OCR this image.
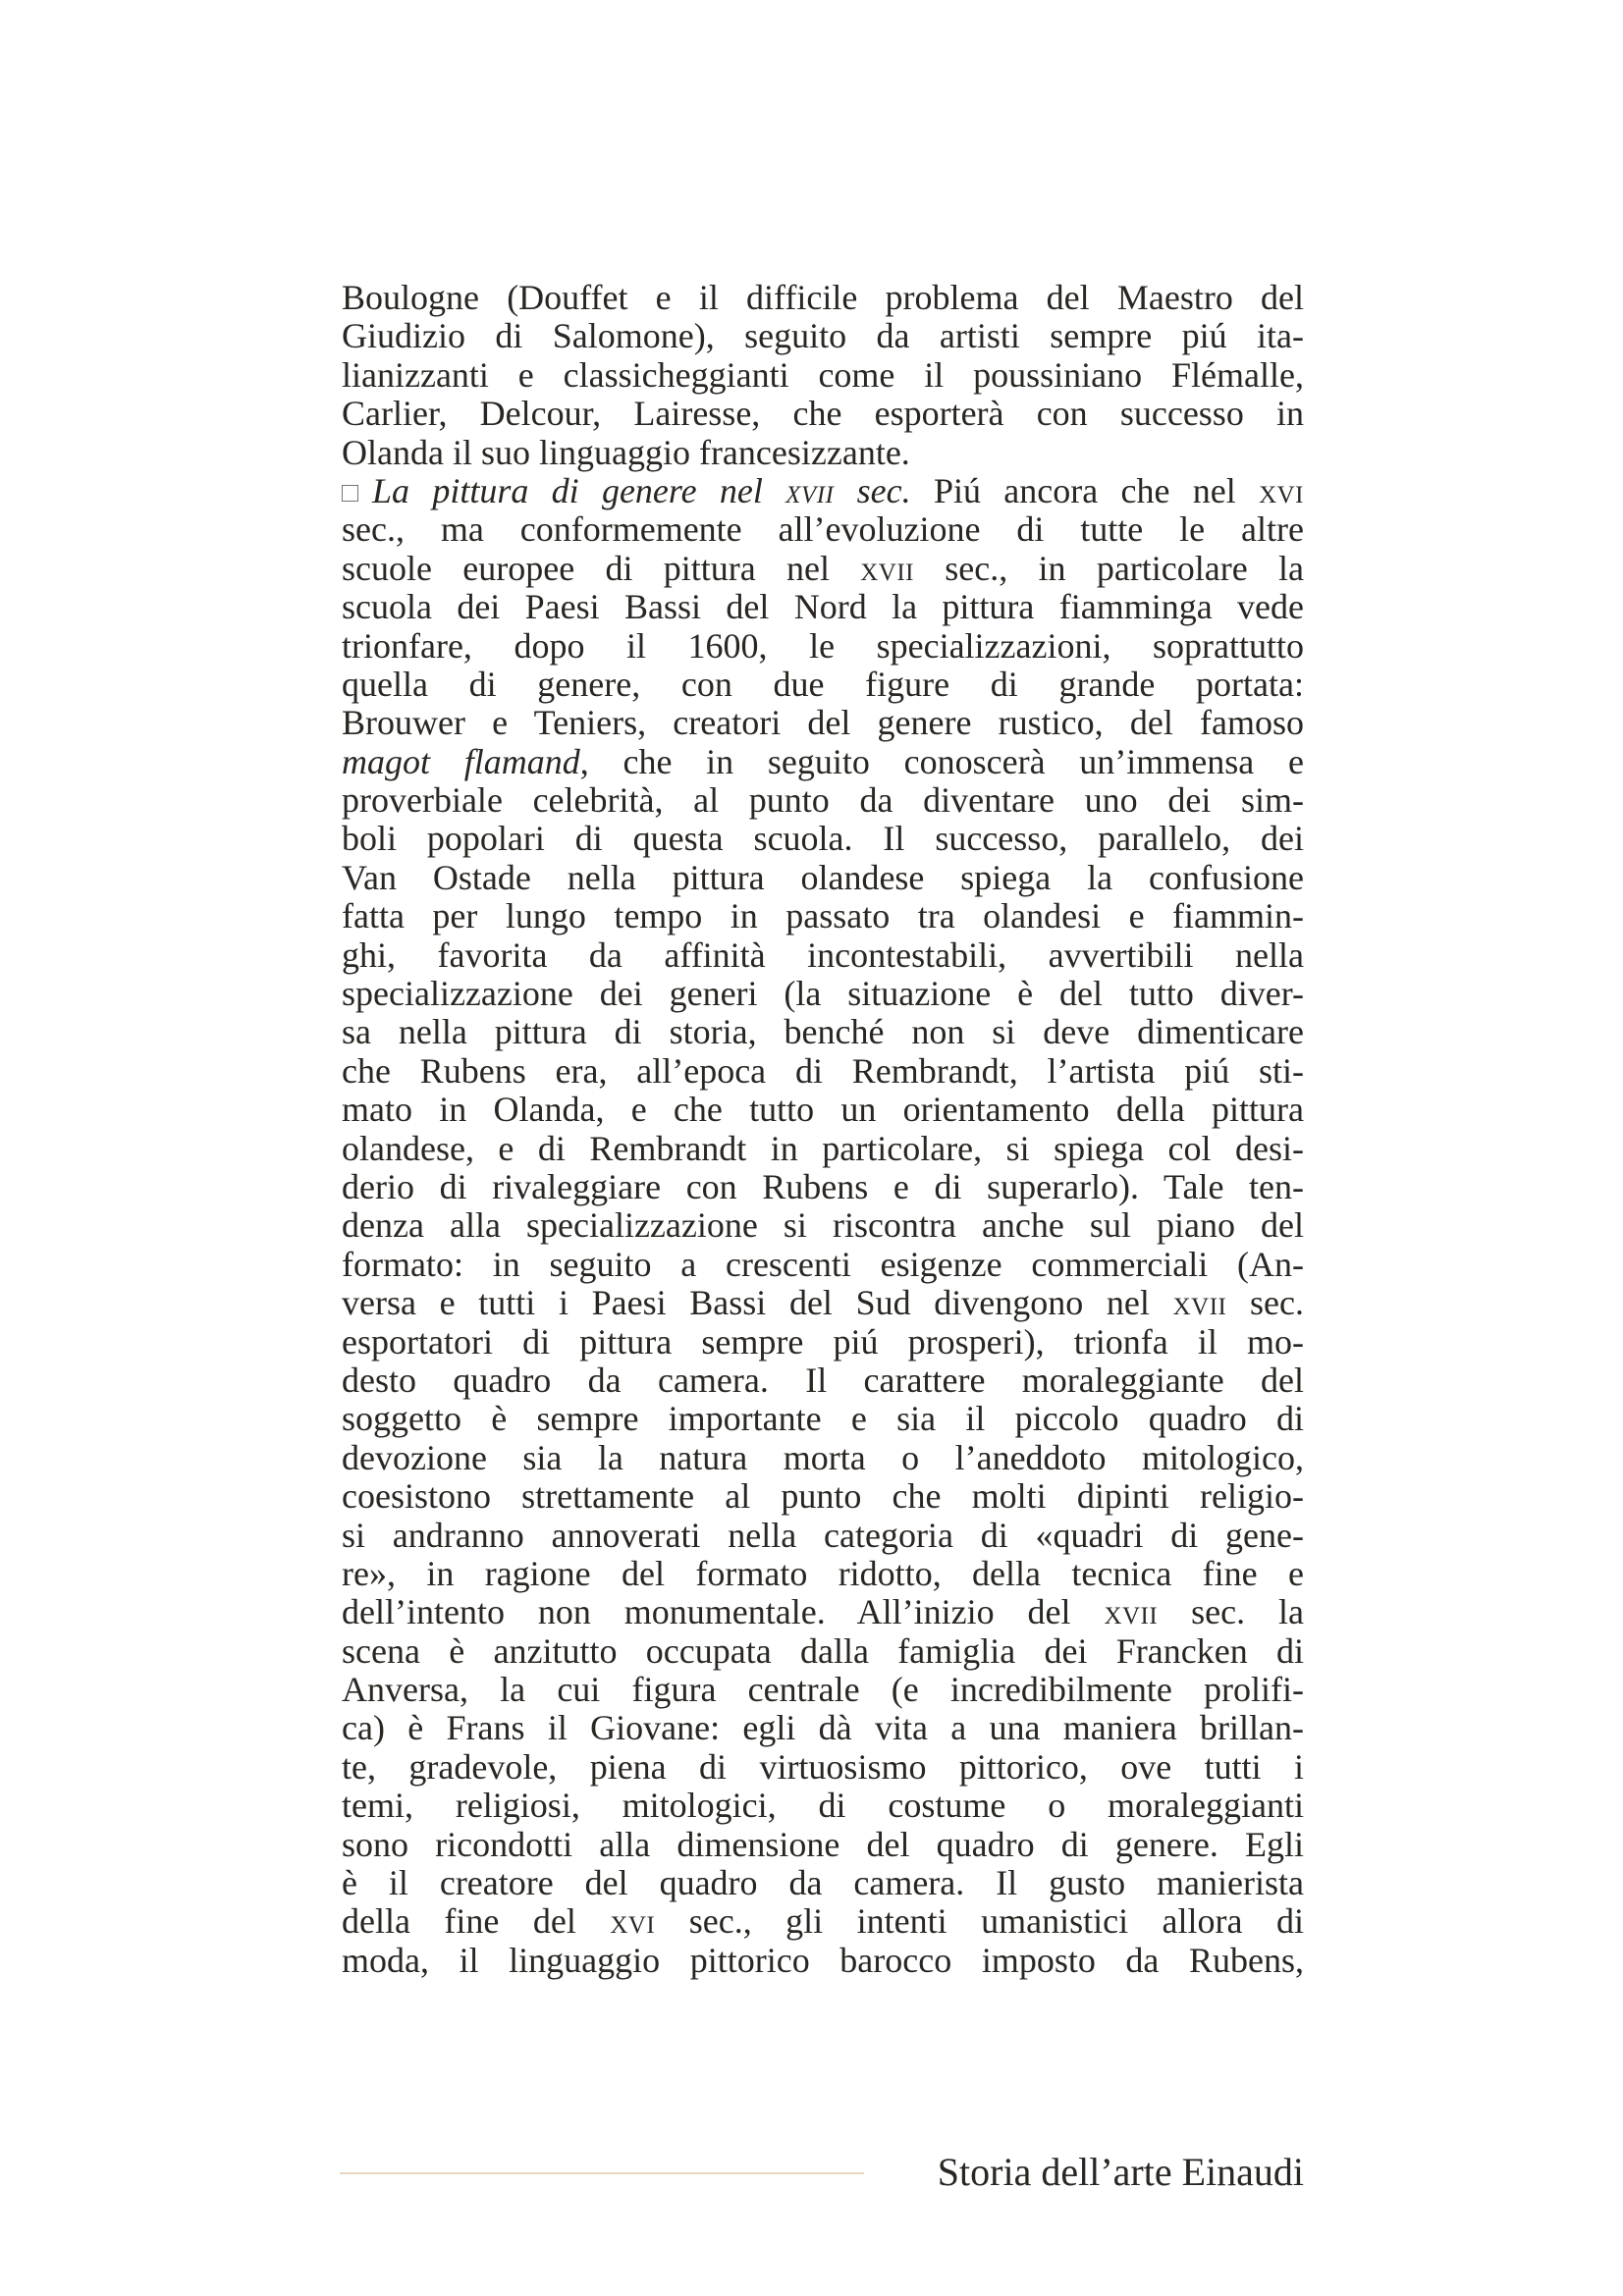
Boulogne (Douffet e il difficile problema del Maestro del
Giudizio di Salomone), seguito da artisti sempre piú ita-
lianizzanti e classicheggianti come il poussiniano Flémalle,
Carlier, Delcour, Lairesse, che esporterà con successo in
Olanda il suo linguaggio francesizzante.
La pittura di genere nel xvii sec. Piú ancora che nel xvi
sec., ma conformemente all’evoluzione di tutte le altre
scuole europee di pittura nel xvii sec., in particolare la
scuola dei Paesi Bassi del Nord la pittura fiamminga vede
trionfare, dopo il 1600, le specializzazioni, soprattutto
quella di genere, con due figure di grande portata:
Brouwer e Teniers, creatori del genere rustico, del famoso
magot flamand, che in seguito conoscerà un’immensa e
proverbiale celebrità, al punto da diventare uno dei sim-
boli popolari di questa scuola. Il successo, parallelo, dei
Van Ostade nella pittura olandese spiega la confusione
fatta per lungo tempo in passato tra olandesi e fiammin-
ghi, favorita da affinità incontestabili, avvertibili nella
specializzazione dei generi (la situazione è del tutto diver-
sa nella pittura di storia, benché non si deve dimenticare
che Rubens era, all’epoca di Rembrandt, l’artista piú sti-
mato in Olanda, e che tutto un orientamento della pittura
olandese, e di Rembrandt in particolare, si spiega col desi-
derio di rivaleggiare con Rubens e di superarlo). Tale ten-
denza alla specializzazione si riscontra anche sul piano del
formato: in seguito a crescenti esigenze commerciali (An-
versa e tutti i Paesi Bassi del Sud divengono nel xvii sec.
esportatori di pittura sempre piú prosperi), trionfa il mo-
desto quadro da camera. Il carattere moraleggiante del
soggetto è sempre importante e sia il piccolo quadro di
devozione sia la natura morta o l’aneddoto mitologico,
coesistono strettamente al punto che molti dipinti religio-
si andranno annoverati nella categoria di «quadri di gene-
re», in ragione del formato ridotto, della tecnica fine e
dell’intento non monumentale. All’inizio del xvii sec. la
scena è anzitutto occupata dalla famiglia dei Francken di
Anversa, la cui figura centrale (e incredibilmente prolifi-
ca) è Frans il Giovane: egli dà vita a una maniera brillan-
te, gradevole, piena di virtuosismo pittorico, ove tutti i
temi, religiosi, mitologici, di costume o moraleggianti
sono ricondotti alla dimensione del quadro di genere. Egli
è il creatore del quadro da camera. Il gusto manierista
della fine del xvi sec., gli intenti umanistici allora di
moda, il linguaggio pittorico barocco imposto da Rubens,
Storia dell’arte Einaudi
